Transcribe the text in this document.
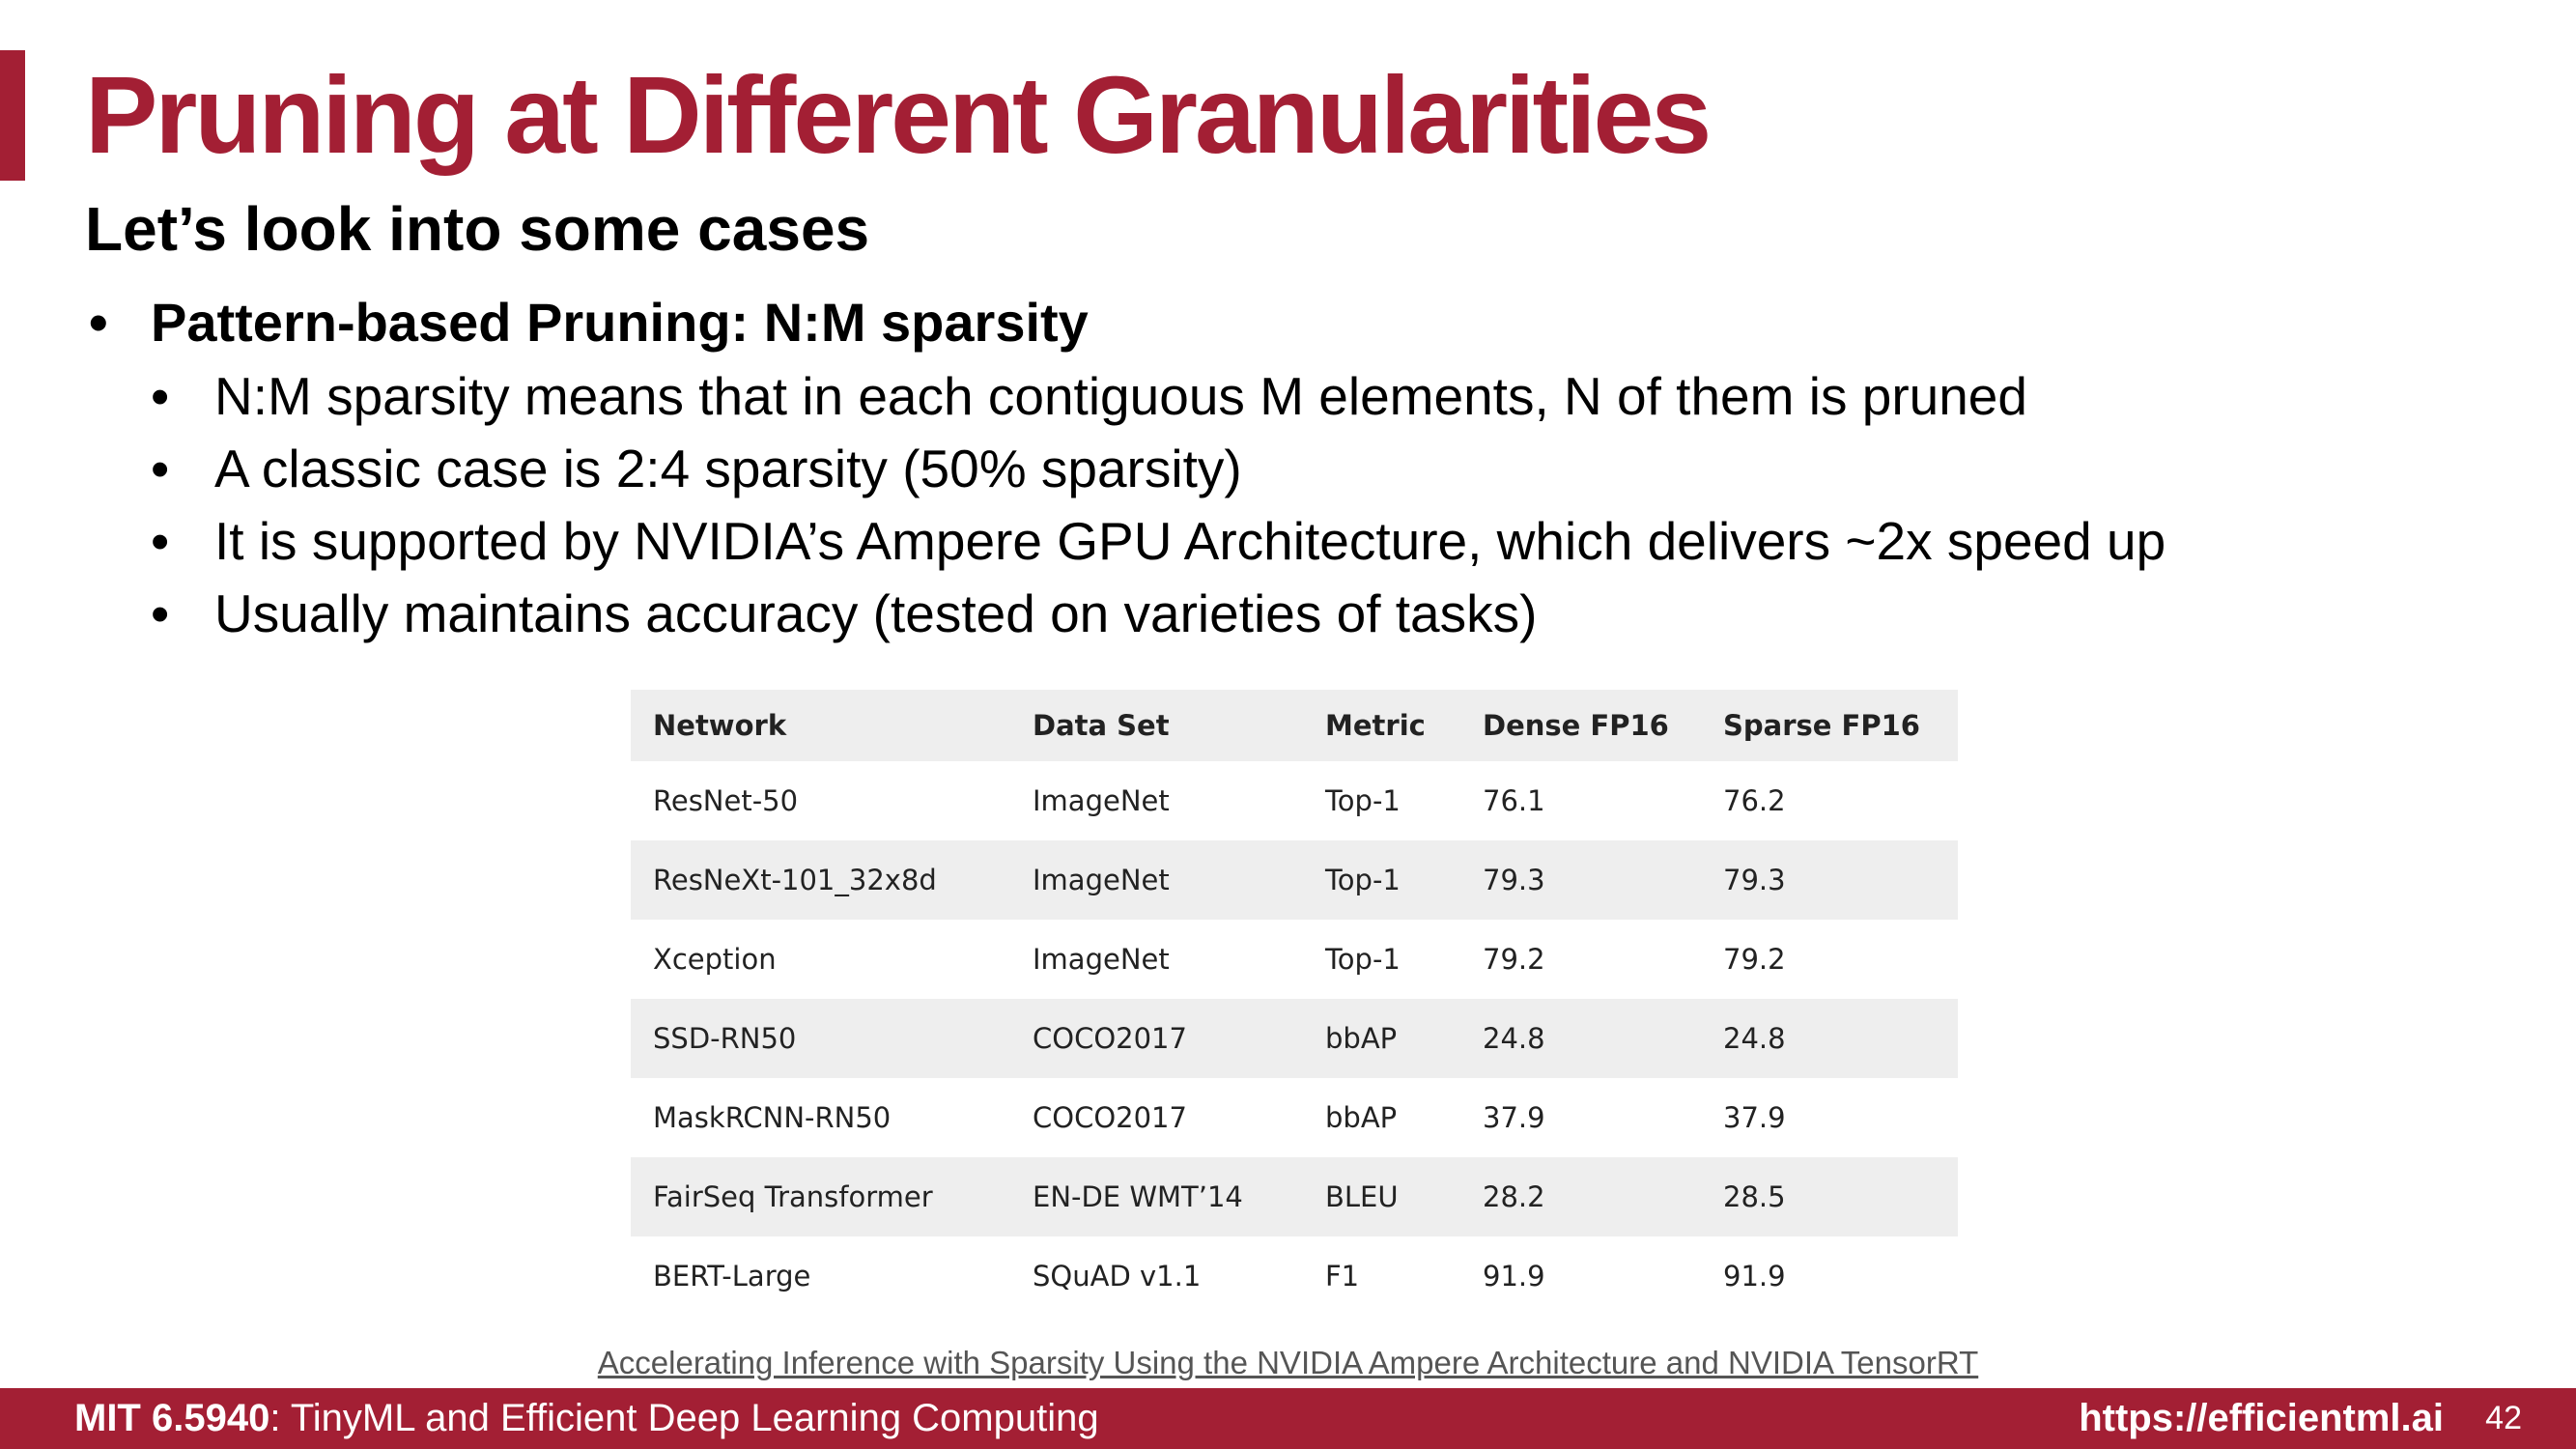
Pruning at Different Granularities
Let’s look into some cases
• Pattern-based Pruning: N:M sparsity
• N:M sparsity means that in each contiguous M elements, N of them is pruned
• A classic case is 2:4 sparsity (50% sparsity)
• It is supported by NVIDIA’s Ampere GPU Architecture, which delivers ~2x speed up
• Usually maintains accuracy (tested on varieties of tasks)
Network	Data Set	Metric	Dense FP16	Sparse FP16
ResNet-50	ImageNet	Top-1	76.1	76.2
ResNeXt-101_32x8d	ImageNet	Top-1	79.3	79.3
Xception	ImageNet	Top-1	79.2	79.2
SSD-RN50	COCO2017	bbAP	24.8	24.8
MaskRCNN-RN50	COCO2017	bbAP	37.9	37.9
FairSeq Transformer	EN-DE WMT’14	BLEU	28.2	28.5
BERT-Large	SQuAD v1.1	F1	91.9	91.9
Accelerating Inference with Sparsity Using the NVIDIA Ampere Architecture and NVIDIA TensorRT
MIT 6.5940: TinyML and Efficient Deep Learning Computing	https://efficientml.ai 42
